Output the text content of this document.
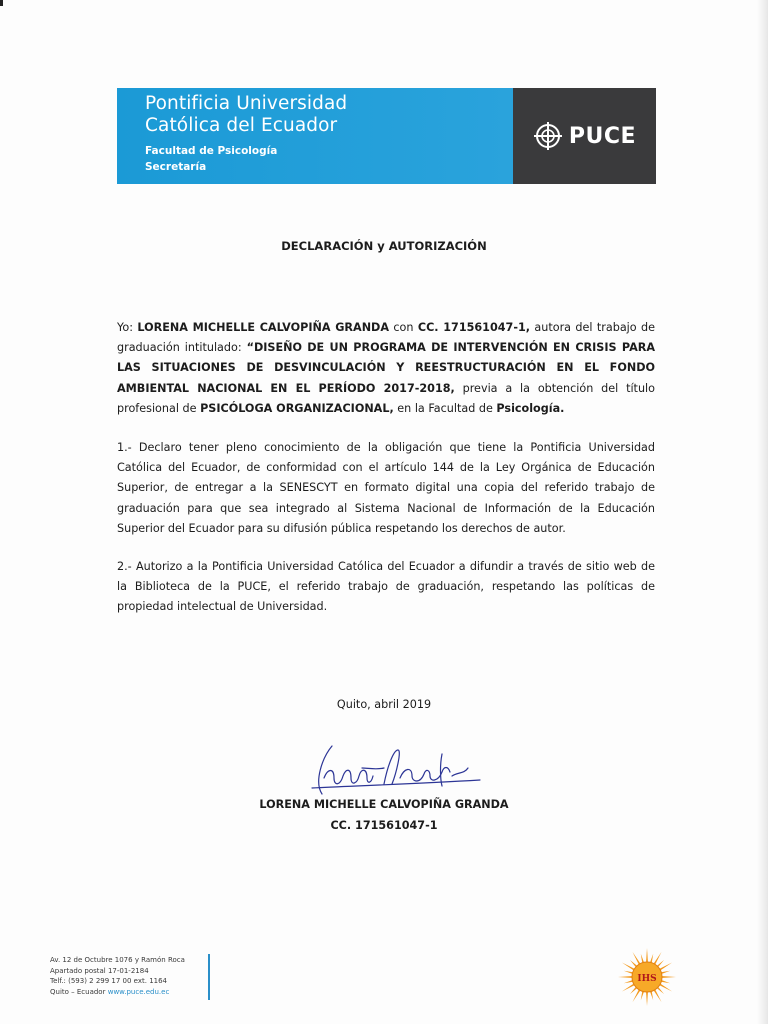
Pontificia Universidad
Católica del Ecuador
Facultad de Psicología
Secretaría
PUCE
DECLARACIÓN y AUTORIZACIÓN
Yo: LORENA MICHELLE CALVOPIÑA GRANDA con CC. 171561047-1, autora del trabajo de graduación intitulado: “DISEÑO DE UN PROGRAMA DE INTERVENCIÓN EN CRISIS PARA LAS SITUACIONES DE DESVINCULACIÓN Y REESTRUCTURACIÓN EN EL FONDO AMBIENTAL NACIONAL EN EL PERÍODO 2017-2018, previa a la obtención del título profesional de PSICÓLOGA ORGANIZACIONAL, en la Facultad de Psicología.
1.- Declaro tener pleno conocimiento de la obligación que tiene la Pontificia Universidad Católica del Ecuador, de conformidad con el artículo 144 de la Ley Orgánica de Educación Superior, de entregar a la SENESCYT en formato digital una copia del referido trabajo de graduación para que sea integrado al Sistema Nacional de Información de la Educación Superior del Ecuador para su difusión pública respetando los derechos de autor.
2.- Autorizo a la Pontificia Universidad Católica del Ecuador a difundir a través de sitio web de la Biblioteca de la PUCE, el referido trabajo de graduación, respetando las políticas de propiedad intelectual de Universidad.
Quito, abril 2019
LORENA MICHELLE CALVOPIÑA GRANDA
CC. 171561047-1
Av. 12 de Octubre 1076 y Ramón Roca
Apartado postal 17-01-2184
Telf.: (593) 2 299 17 00 ext. 1164
Quito – Ecuador www.puce.edu.ec
IHS
